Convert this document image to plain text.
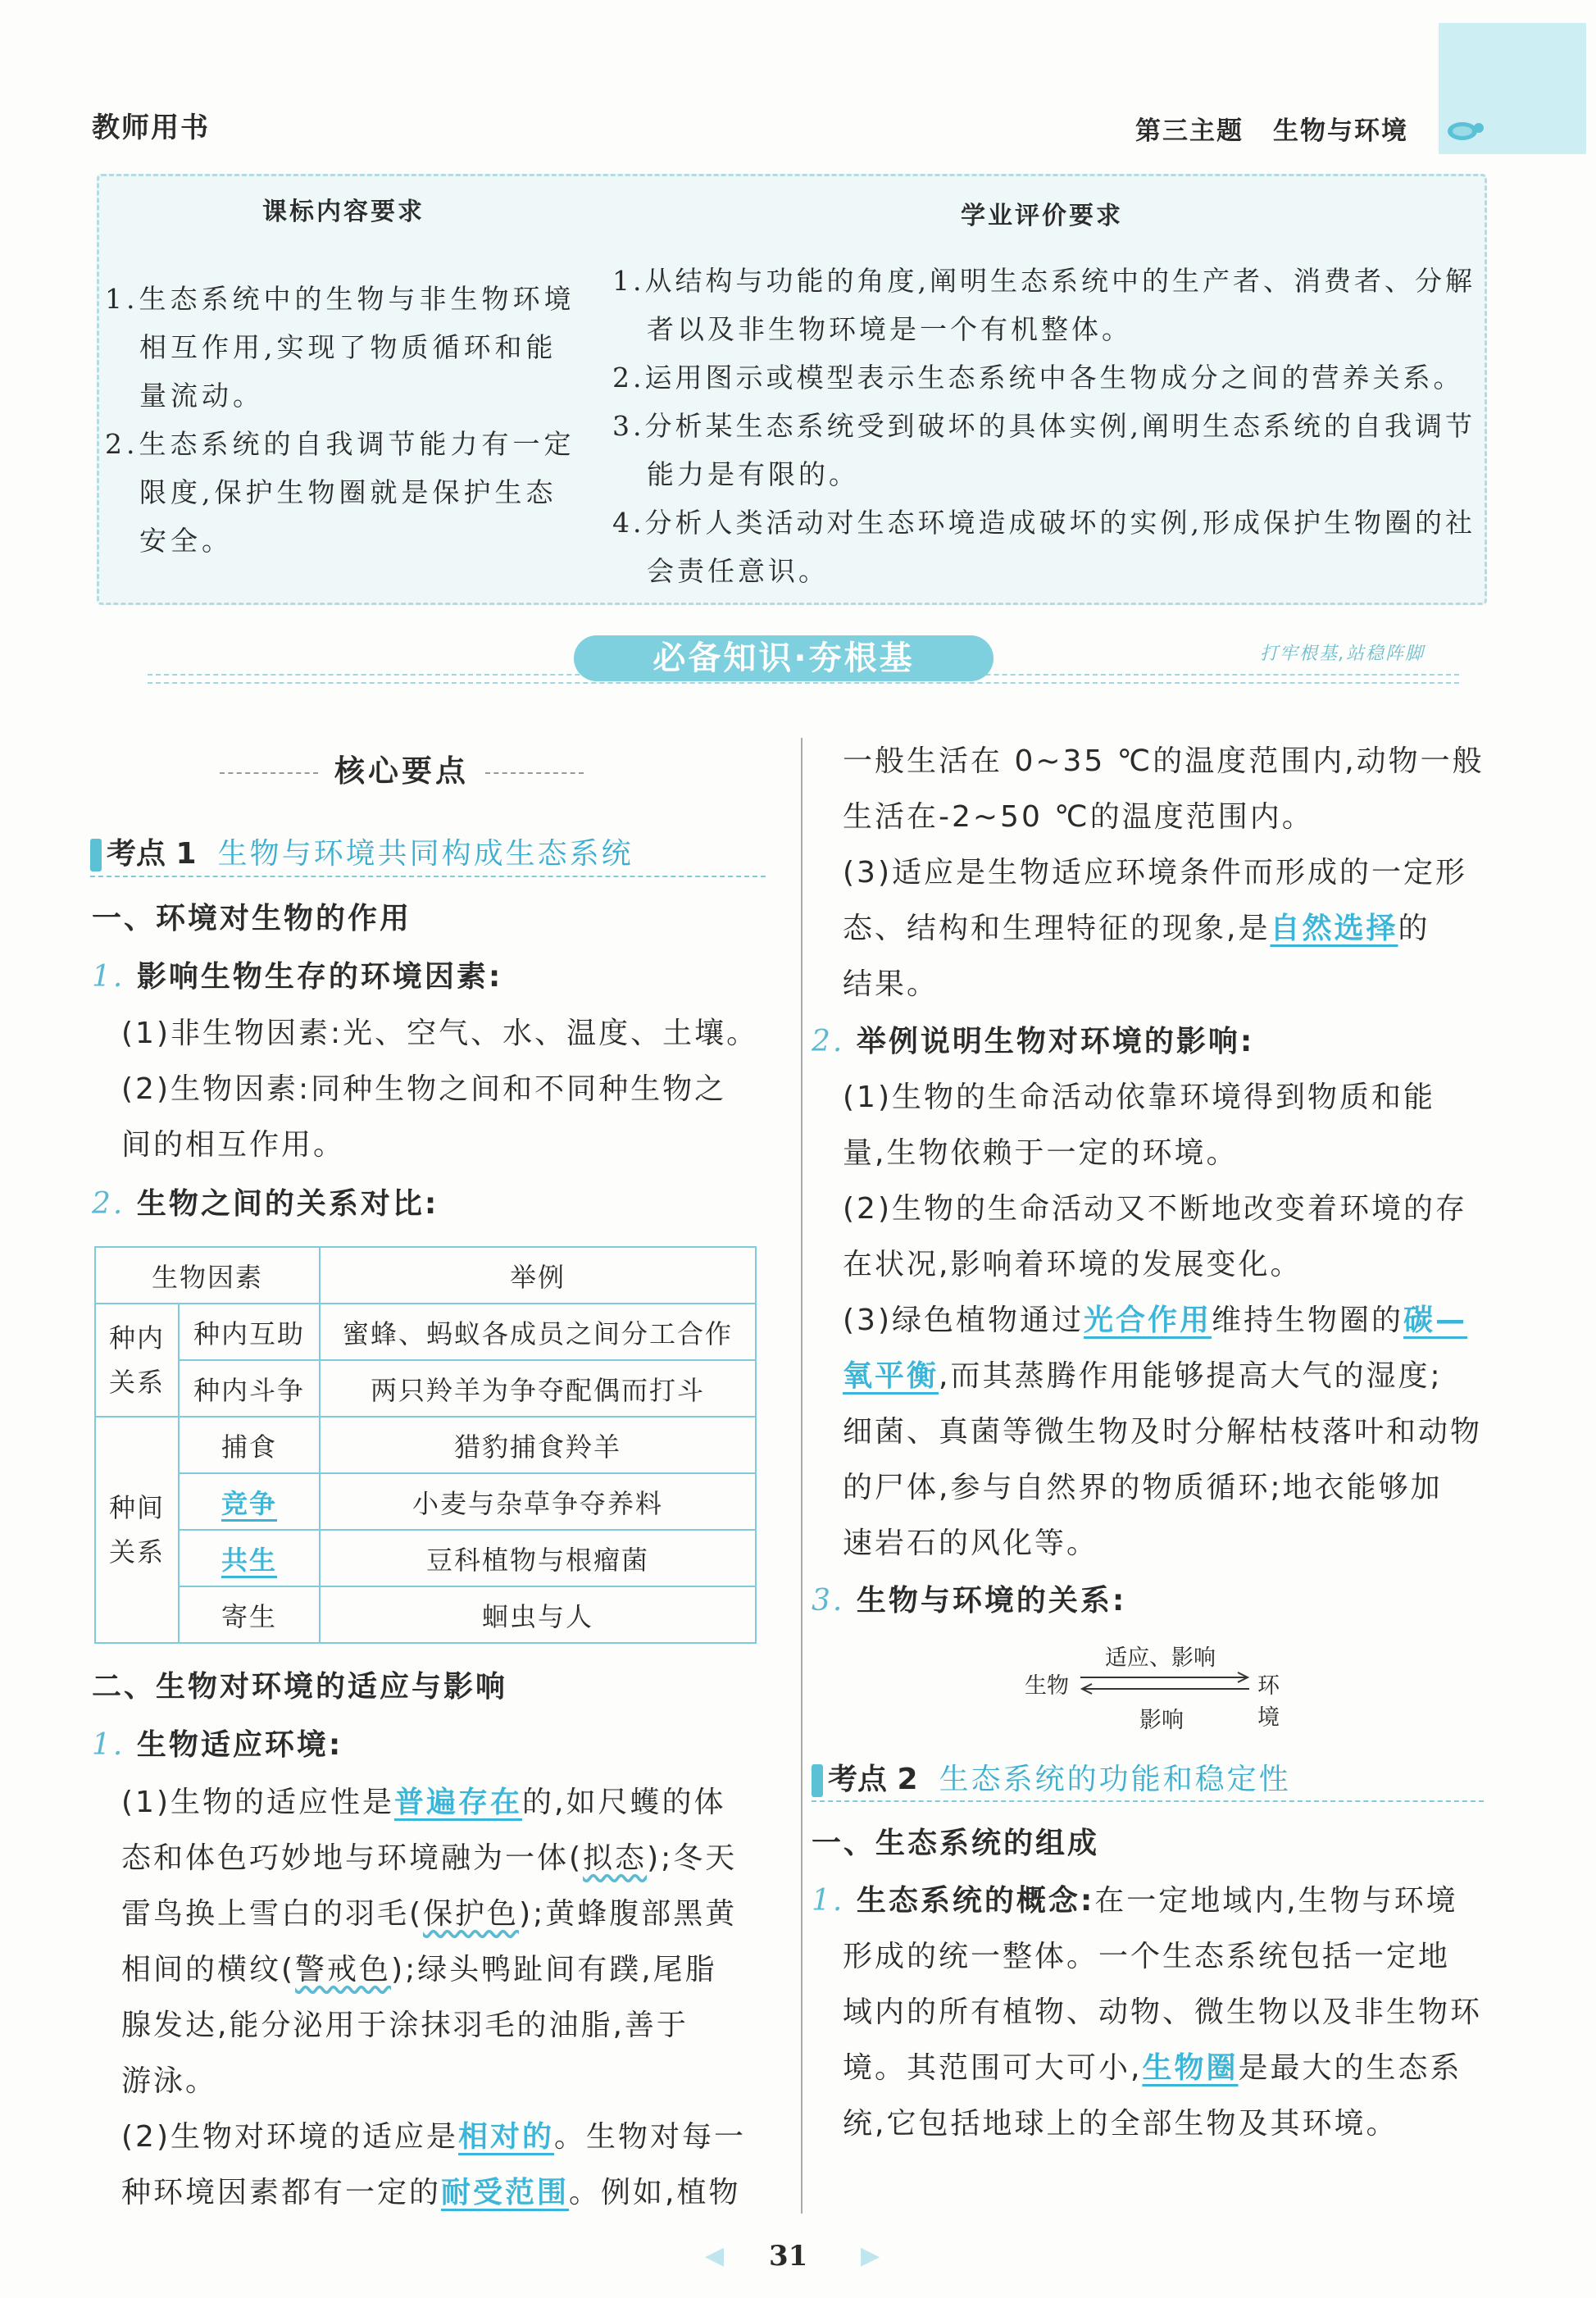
教师用书	第三主题 生物与环境
课标内容要求	学业评价要求
1.生态系统中的生物与非生物环境相互作用,实现了物质循环和能量流动。
2.生态系统的自我调节能力有一定限度,保护生物圈就是保护生态安全。
1.从结构与功能的角度,阐明生态系统中的生产者、消费者、分解者以及非生物环境是一个有机整体。
2.运用图示或模型表示生态系统中各生物成分之间的营养关系。
3.分析某生态系统受到破坏的具体实例,阐明生态系统的自我调节能力是有限的。
4.分析人类活动对生态环境造成破坏的实例,形成保护生物圈的社会责任意识。
必备知识·夯根基	打牢根基,站稳阵脚
核心要点
考点 1 生物与环境共同构成生态系统
一、环境对生物的作用
1. 影响生物生存的环境因素:
(1)非生物因素:光、空气、水、温度、土壤。
(2)生物因素:同种生物之间和不同种生物之
间的相互作用。
2. 生物之间的关系对比:
生物因素		举例
种内关系	种内互助	蜜蜂、蚂蚁各成员之间分工合作
	种内斗争	两只羚羊为争夺配偶而打斗
种间关系	捕食	猎豹捕食羚羊
	竞争	小麦与杂草争夺养料
	共生	豆科植物与根瘤菌
	寄生	蛔虫与人
二、生物对环境的适应与影响
1. 生物适应环境:
(1)生物的适应性是普遍存在的,如尺蠖的体
态和体色巧妙地与环境融为一体(拟态);冬天
雷鸟换上雪白的羽毛(保护色);黄蜂腹部黑黄
相间的横纹(警戒色);绿头鸭趾间有蹼,尾脂
腺发达,能分泌用于涂抹羽毛的油脂,善于
游泳。
(2)生物对环境的适应是相对的。生物对每一
种环境因素都有一定的耐受范围。例如,植物
一般生活在 0~35 ℃的温度范围内,动物一般
生活在-2~50 ℃的温度范围内。
(3)适应是生物适应环境条件而形成的一定形
态、结构和生理特征的现象,是自然选择的
结果。
2. 举例说明生物对环境的影响:
(1)生物的生命活动依靠环境得到物质和能
量,生物依赖于一定的环境。
(2)生物的生命活动又不断地改变着环境的存
在状况,影响着环境的发展变化。
(3)绿色植物通过光合作用维持生物圈的碳—
氧平衡,而其蒸腾作用能够提高大气的湿度;
细菌、真菌等微生物及时分解枯枝落叶和动物
的尸体,参与自然界的物质循环;地衣能够加
速岩石的风化等。
3. 生物与环境的关系:
适应、影响
生物	环境
影响
考点 2 生态系统的功能和稳定性
一、生态系统的组成
1. 生态系统的概念:在一定地域内,生物与环境
形成的统一整体。一个生态系统包括一定地
域内的所有植物、动物、微生物以及非生物环
境。其范围可大可小,生物圈是最大的生态系
统,它包括地球上的全部生物及其环境。
◀ 31 ▶
